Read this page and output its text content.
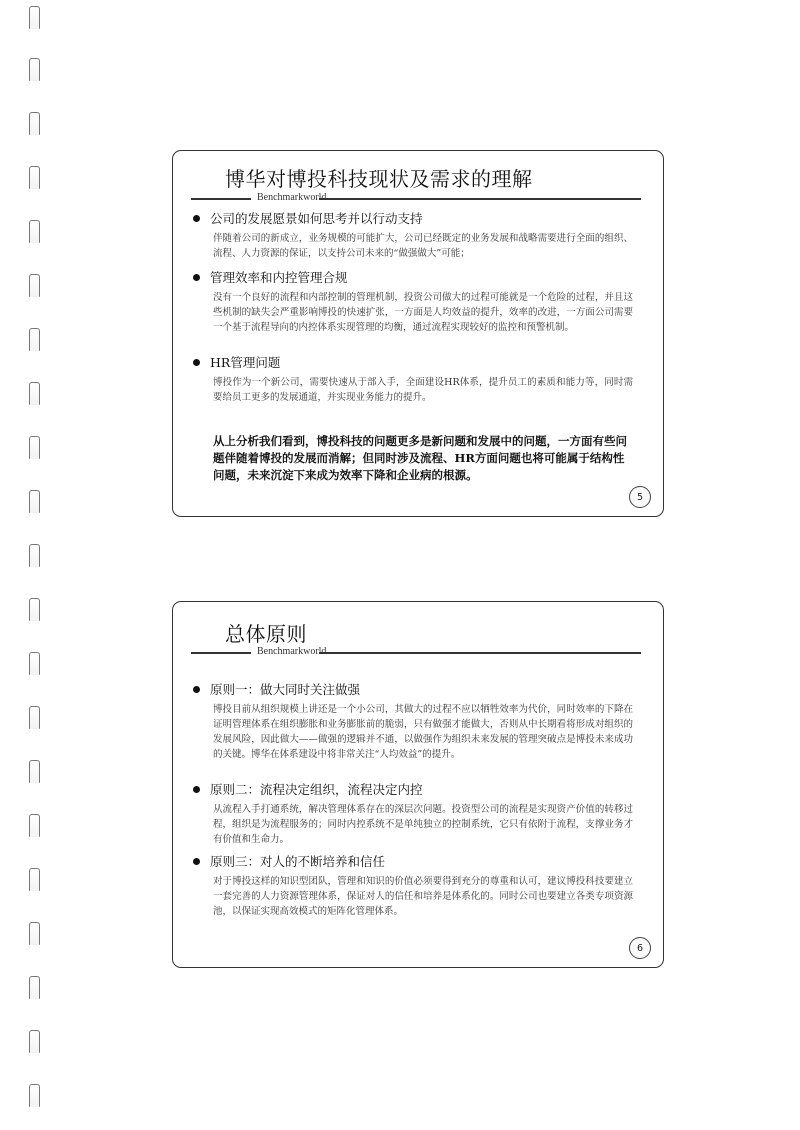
博华对博投科技现状及需求的理解
Benchmarkworld
公司的发展愿景如何思考并以行动支持

伴随着公司的新成立，业务规模的可能扩大，公司已经既定的业务发展和战略需要进行全面的组织、流程、人力资源的保证，以支持公司未来的“做强做大”可能；

管理效率和内控管理合规

没有一个良好的流程和内部控制的管理机制，投资公司做大的过程可能就是一个危险的过程，并且这些机制的缺失会严重影响博投的快速扩张，一方面是人均效益的提升，效率的改进，一方面公司需要一个基于流程导向的内控体系实现管理的均衡，通过流程实现较好的监控和预警机制。

HR管理问题

博投作为一个新公司，需要快速从于部入手，全面建设HR体系，提升员工的素质和能力等，同时需要给员工更多的发展通道，并实现业务能力的提升。

从上分析我们看到，博投科技的问题更多是新问题和发展中的问题，一方面有些问题伴随着博投的发展而消解；但同时涉及流程、HR方面问题也将可能属于结构性问题，未来沉淀下来成为效率下降和企业病的根源。
5
总体原则
Benchmarkworld
原则一：做大同时关注做强

博投目前从组织规模上讲还是一个小公司，其做大的过程不应以牺牲效率为代价，同时效率的下降在证明管理体系在组织膨胀和业务膨胀前的脆弱，只有做强才能做大，否则从中长期看将形成对组织的发展风险，因此做大——做强的逻辑并不通，以做强作为组织未来发展的管理突破点是博投未来成功的关键。博华在体系建设中将非常关注“人均效益”的提升。

原则二：流程决定组织，流程决定内控

从流程入手打通系统，解决管理体系存在的深层次问题。投资型公司的流程是实现资产价值的转移过程，组织是为流程服务的；同时内控系统不是单纯独立的控制系统，它只有依附于流程，支撑业务才有价值和生命力。

原则三：对人的不断培养和信任

对于博投这样的知识型团队，管理和知识的价值必须要得到充分的尊重和认可，建议博投科技要建立一套完善的人力资源管理体系，保证对人的信任和培养是体系化的。同时公司也要建立各类专项资源池，以保证实现高效模式的矩阵化管理体系。

6
